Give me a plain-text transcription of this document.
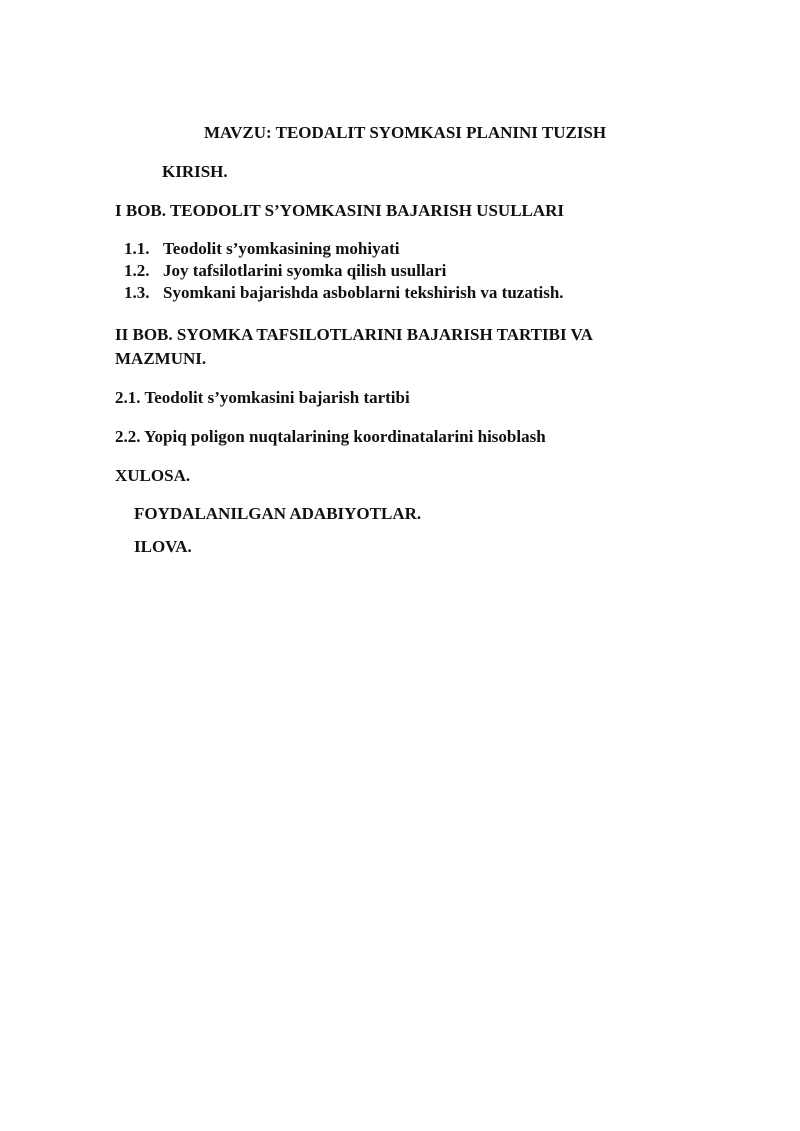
MAVZU: TEODALIT SYOMKASI PLANINI TUZISH
KIRISH.
I BOB. TEODOLIT S’YOMKASINI BAJARISH USULLARI
1.1. Teodolit s’yomkasining mohiyati
1.2. Joy tafsilotlarini syomka qilish usullari
1.3. Syomkani bajarishda asboblarni tekshirish va tuzatish.
II BOB. SYOMKA TAFSILOTLARINI BAJARISH TARTIBI VA
MAZMUNI.
2.1. Teodolit s’yomkasini bajarish tartibi
2.2. Yopiq poligon nuqtalarining koordinatalarini hisoblash
XULOSA.
FOYDALANILGAN ADABIYOTLAR.
ILOVA.
